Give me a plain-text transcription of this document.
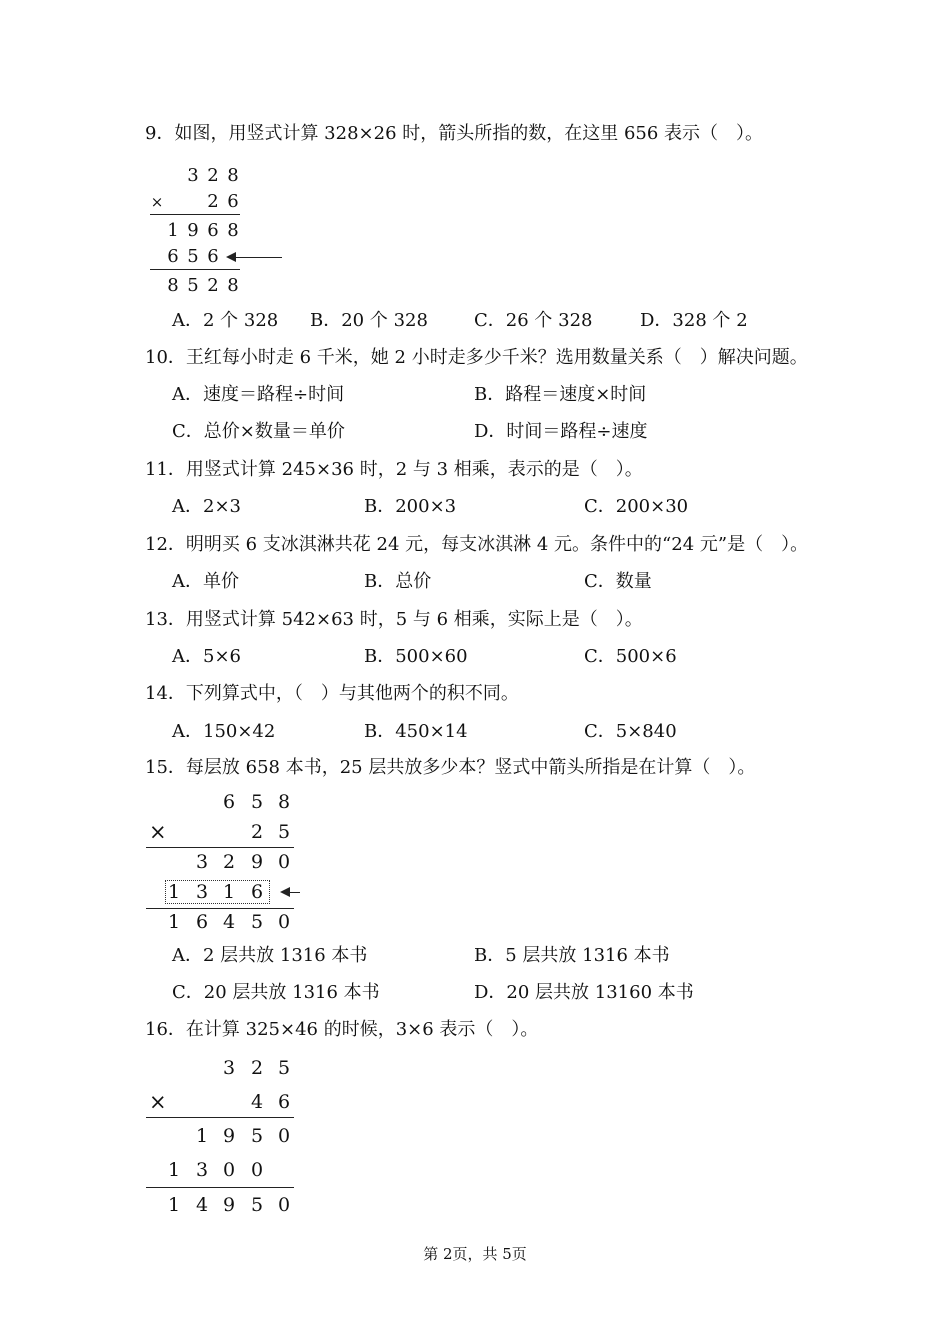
9．如图，用竖式计算 328×26 时，箭头所指的数，在这里 656 表示（　）。
3 2 8
× 2 6
1 9 6 8
6 5 6
8 5 2 8
A．2 个 328 B．20 个 328	C．26 个 328	D．328 个 2
10．王红每小时走 6 千米，她 2 小时走多少千米？选用数量关系（　）解决问题。
A．速度＝路程÷时间	B．路程＝速度×时间
C．总价×数量＝单价	D．时间＝路程÷速度
11．用竖式计算 245×36 时，2 与 3 相乘，表示的是（　）。
A．2×3	B．200×3	C．200×30
12．明明买 6 支冰淇淋共花 24 元，每支冰淇淋 4 元。条件中的“24 元”是（　）。
A．单价	B．总价	C．数量
13．用竖式计算 542×63 时，5 与 6 相乘，实际上是（　）。
A．5×6	B．500×60	C．500×6
14．下列算式中，（　）与其他两个的积不同。
A．150×42	B．450×14	C．5×840
15．每层放 658 本书，25 层共放多少本？竖式中箭头所指是在计算（　）。
6 5 8
×	2 5
3 2 9 0
1 3 1 6
1 6 4 5 0
A．2 层共放 1316 本书	B．5 层共放 1316 本书
C．20 层共放 1316 本书	D．20 层共放 13160 本书
16．在计算 325×46 的时候，3×6 表示（　）。
3 2 5
×	4 6
1 9 5 0
1 3 0 0
1 4 9 5 0
第 2页，共 5页
